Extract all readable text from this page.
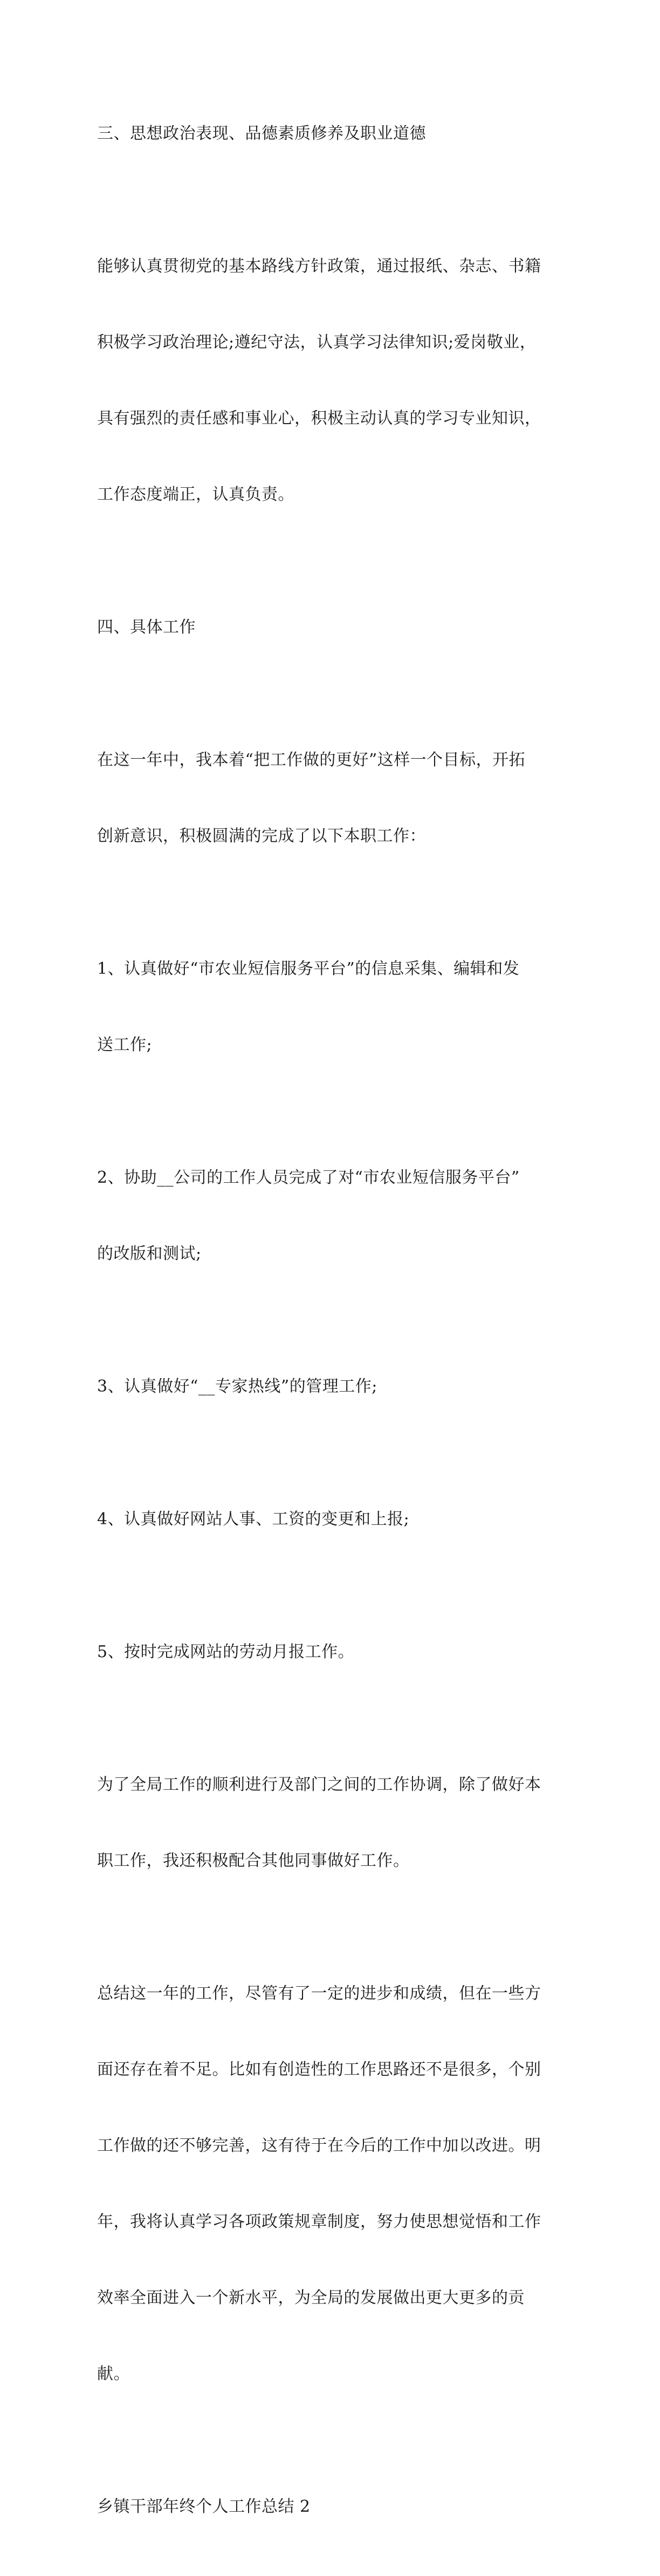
三、思想政治表现、品德素质修养及职业道德

能够认真贯彻党的基本路线方针政策，通过报纸、杂志、书籍

积极学习政治理论;遵纪守法，认真学习法律知识;爱岗敬业，

具有强烈的责任感和事业心，积极主动认真的学习专业知识，

工作态度端正，认真负责。

四、具体工作

在这一年中，我本着“把工作做的更好”这样一个目标，开拓

创新意识，积极圆满的完成了以下本职工作：

1、认真做好“市农业短信服务平台”的信息采集、编辑和发

送工作;

2、协助__公司的工作人员完成了对“市农业短信服务平台”

的改版和测试;

3、认真做好“__专家热线”的管理工作;

4、认真做好网站人事、工资的变更和上报;

5、按时完成网站的劳动月报工作。

为了全局工作的顺利进行及部门之间的工作协调，除了做好本

职工作，我还积极配合其他同事做好工作。

总结这一年的工作，尽管有了一定的进步和成绩，但在一些方

面还存在着不足。比如有创造性的工作思路还不是很多，个别

工作做的还不够完善，这有待于在今后的工作中加以改进。明

年，我将认真学习各项政策规章制度，努力使思想觉悟和工作

效率全面进入一个新水平，为全局的发展做出更大更多的贡

献。

乡镇干部年终个人工作总结 2
